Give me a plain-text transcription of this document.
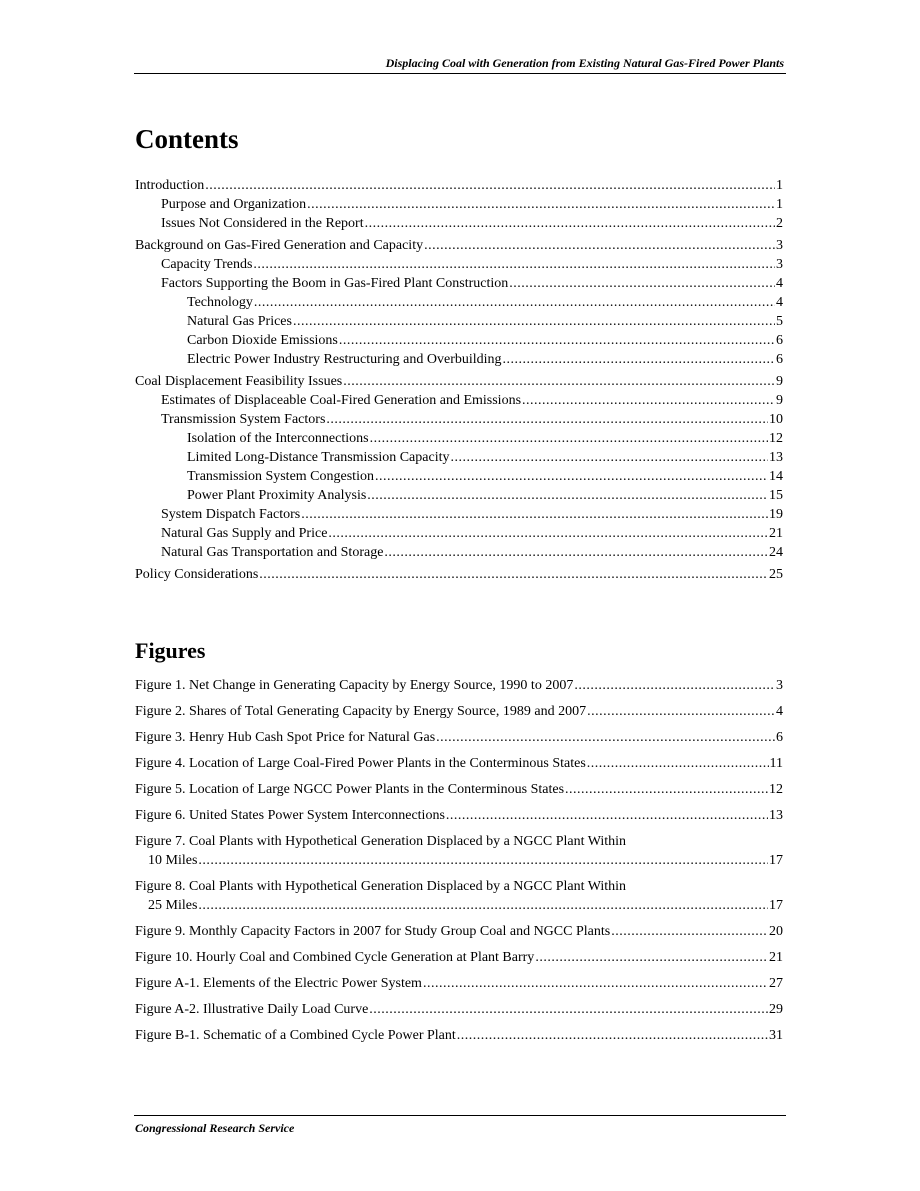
Displacing Coal with Generation from Existing Natural Gas-Fired Power Plants
Contents
Introduction .....	1
Purpose and Organization .....	1
Issues Not Considered in the Report .....	2
Background on Gas-Fired Generation and Capacity .....	3
Capacity Trends .....	3
Factors Supporting the Boom in Gas-Fired Plant Construction .....	4
Technology .....	4
Natural Gas Prices .....	5
Carbon Dioxide Emissions .....	6
Electric Power Industry Restructuring and Overbuilding .....	6
Coal Displacement Feasibility Issues .....	9
Estimates of Displaceable Coal-Fired Generation and Emissions .....	9
Transmission System Factors .....	10
Isolation of the Interconnections .....	12
Limited Long-Distance Transmission Capacity .....	13
Transmission System Congestion .....	14
Power Plant Proximity Analysis .....	15
System Dispatch Factors .....	19
Natural Gas Supply and Price .....	21
Natural Gas Transportation and Storage .....	24
Policy Considerations .....	25
Figures
Figure 1. Net Change in Generating Capacity by Energy Source, 1990 to 2007 .....	3
Figure 2. Shares of Total Generating Capacity by Energy Source, 1989 and 2007 .....	4
Figure 3. Henry Hub Cash Spot Price for Natural Gas .....	6
Figure 4. Location of Large Coal-Fired Power Plants in the Conterminous States .....	11
Figure 5. Location of Large NGCC Power Plants in the Conterminous States .....	12
Figure 6. United States Power System Interconnections .....	13
Figure 7. Coal Plants with Hypothetical Generation Displaced by a NGCC Plant Within
10 Miles .....	17
Figure 8. Coal Plants with Hypothetical Generation Displaced by a NGCC Plant Within
25 Miles .....	17
Figure 9. Monthly Capacity Factors in 2007 for Study Group Coal and NGCC Plants .....	20
Figure 10. Hourly Coal and Combined Cycle Generation at Plant Barry .....	21
Figure A-1. Elements of the Electric Power System .....	27
Figure A-2. Illustrative Daily Load Curve .....	29
Figure B-1. Schematic of a Combined Cycle Power Plant .....	31
Congressional Research Service
